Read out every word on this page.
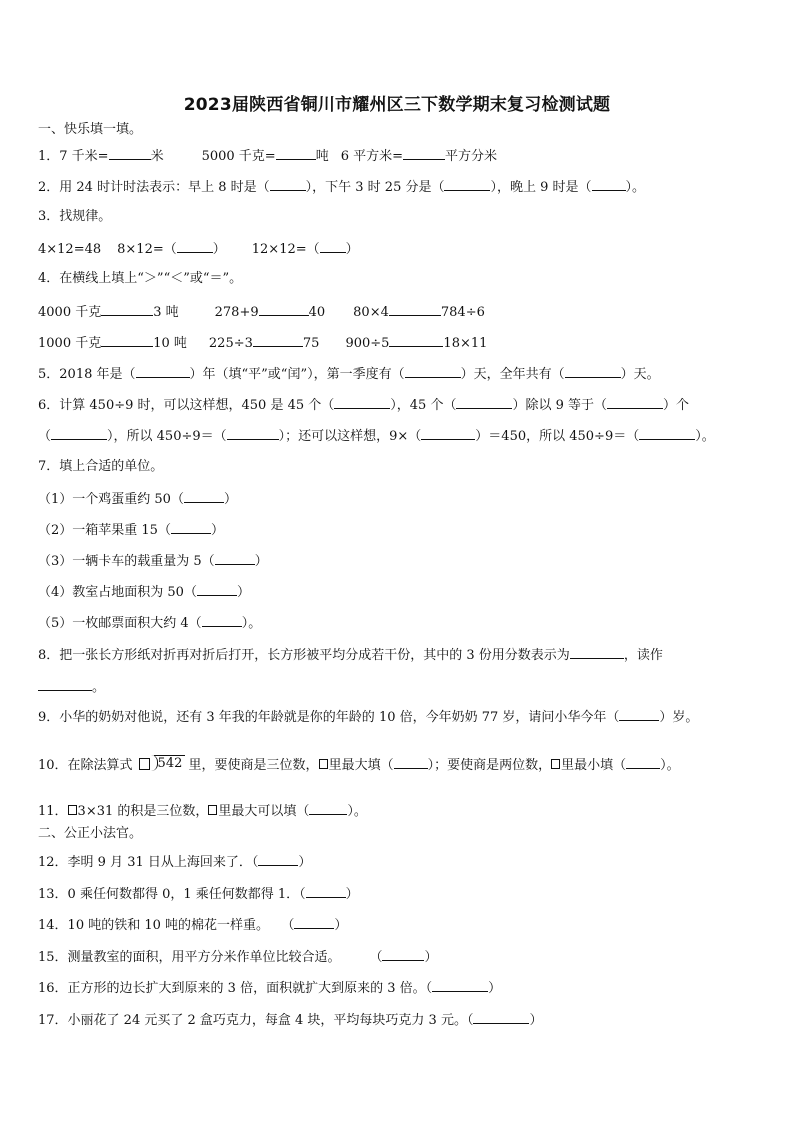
2023届陕西省铜川市耀州区三下数学期末复习检测试题
一、快乐填一填。
1．7 千米=	米	5000 千克=	吨 6 平方米=	平方分米
2．用 24 时计时法表示：早上 8 时是（	），下午 3 时 25 分是（	），晚上 9 时是（	）。
3．找规律。
4×12=48 8×12=（	） 12×12=（ ）
4．在横线上填上“＞”“＜”或“＝”。
4000 千克	3 吨	278+9	40 80×4	784÷6
1000 千克	10 吨 225÷3	75 900÷5	18×11
5．2018 年是（	）年（填“平”或“闰”），第一季度有（	）天，全年共有（	）天。
6．计算 450÷9 时，可以这样想，450 是 45 个（	），45 个（	）除以 9 等于（	）个
（	），所以 450÷9＝（	）；还可以这样想，9×（	）＝450，所以 450÷9＝（	）。
7．填上合适的单位。
（1）一个鸡蛋重约 50（	）
（2）一箱苹果重 15（	）
（3）一辆卡车的载重量为 5（	）
（4）教室占地面积为 50（	）
（5）一枚邮票面积大约 4（	）。
8．把一张长方形纸对折再对折后打开，长方形被平均分成若干份，其中的 3 份用分数表示为	，读作
。
9．小华的奶奶对他说，还有 3 年我的年龄就是你的年龄的 10 倍，今年奶奶 77 岁，请问小华今年（	）岁。
10．在除法算式 542 里，要使商是三位数， 里最大填（	）；要使商是两位数， 里最小填（	）。
11． 3×31 的积是三位数， 里最大可以填（	）。
二、公正小法官。
12．李明 9 月 31 日从上海回来了．（	）
13．0 乘任何数都得 0，1 乘任何数都得 1．（	）
14．10 吨的铁和 10 吨的棉花一样重。   （	）
15．测量教室的面积，用平方分米作单位比较合适。       （	）
16．正方形的边长扩大到原来的 3 倍，面积就扩大到原来的 3 倍。（	）
17．小丽花了 24 元买了 2 盒巧克力，每盒 4 块，平均每块巧克力 3 元。（	）
